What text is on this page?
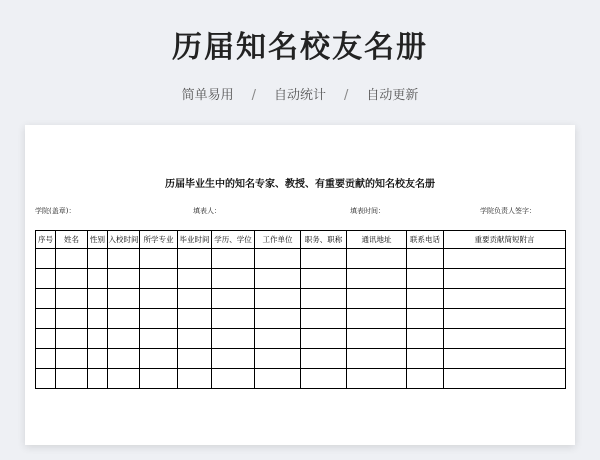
历届知名校友名册
简单易用 / 自动统计 / 自动更新
历届毕业生中的知名专家、教授、有重要贡献的知名校友名册
学院(盖章)：	填表人：	填表时间：	学院负责人签字：
序号	姓名	性别	入校时间	所学专业	毕业时间	学历、学位	工作单位	职务、职称	通讯地址	联系电话	重要贡献简短附言
